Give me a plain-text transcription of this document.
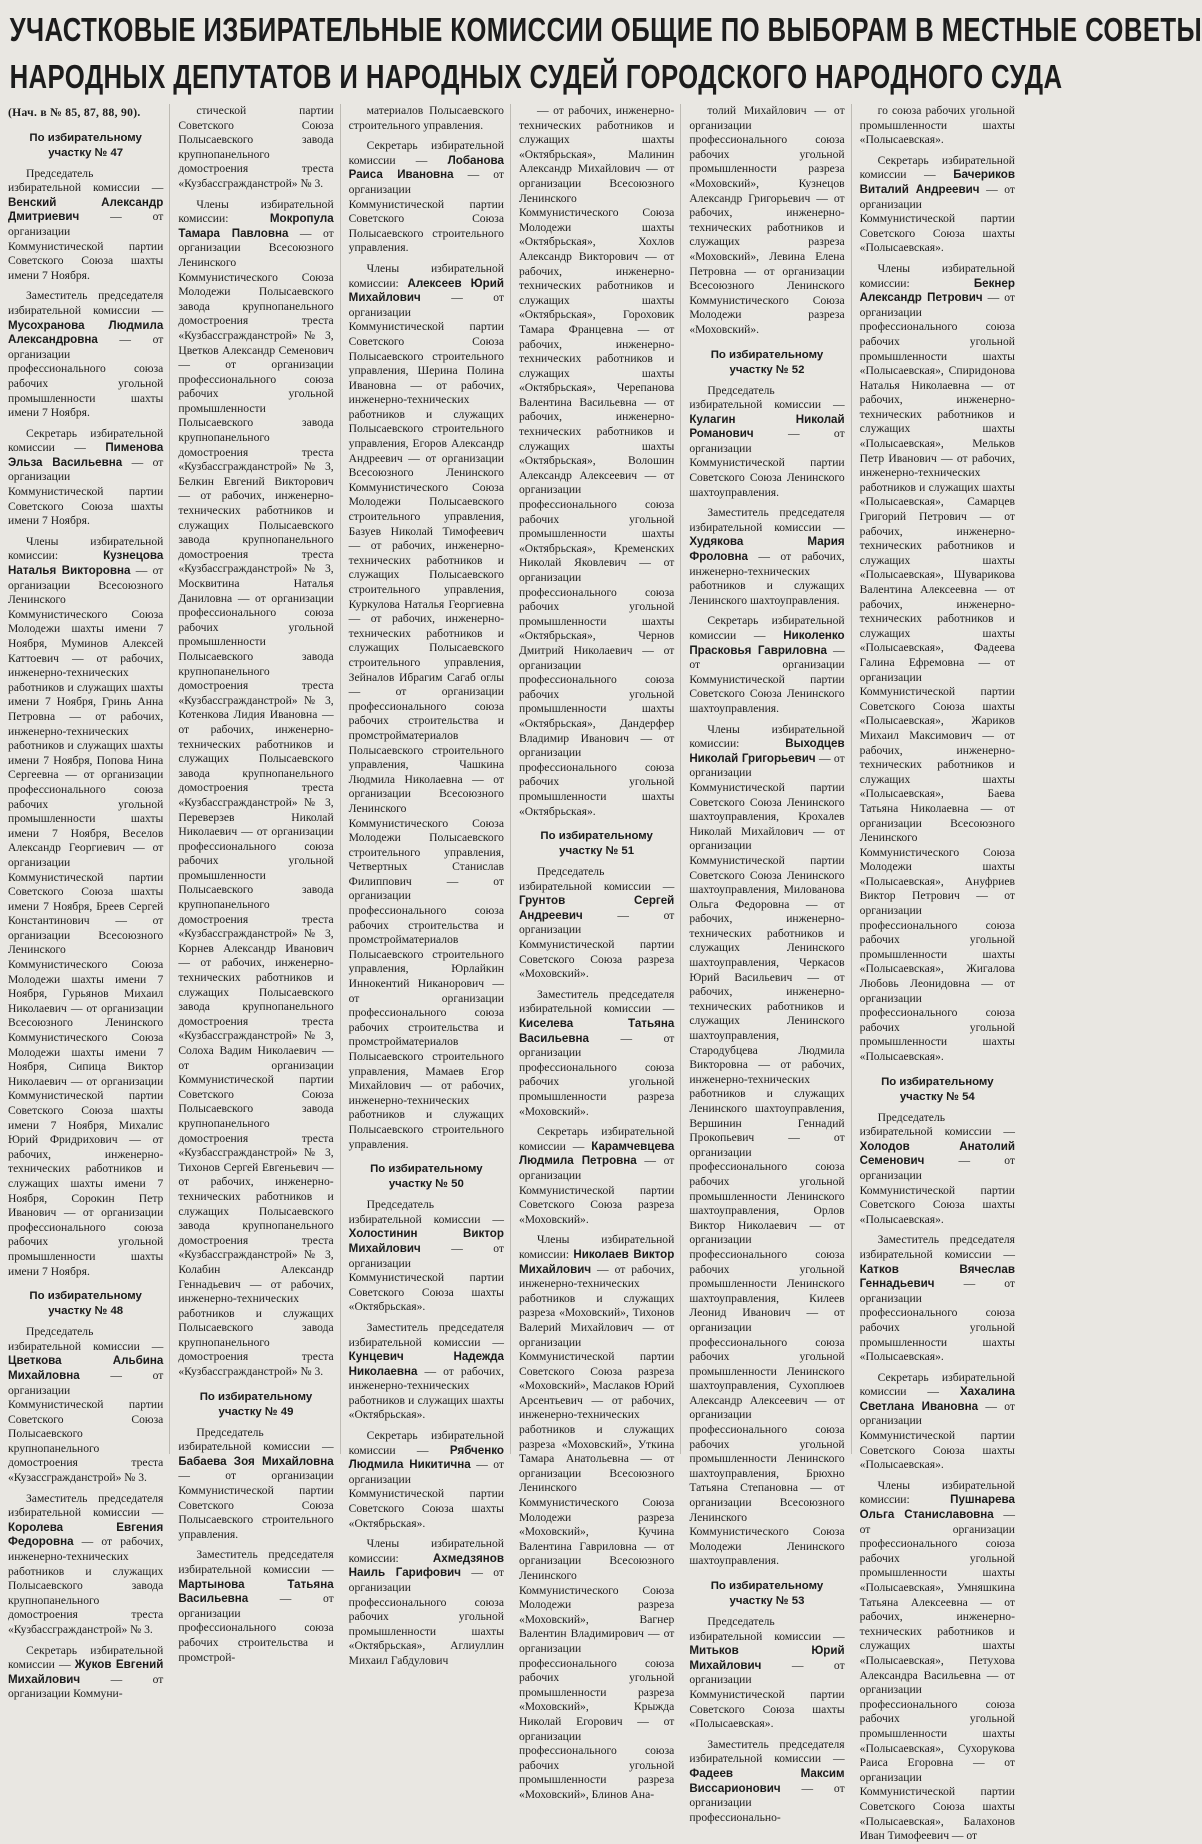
УЧАСТКОВЫЕ ИЗБИРАТЕЛЬНЫЕ КОМИССИИ ОБЩИЕ ПО ВЫБОРАМ В МЕСТНЫЕ СОВЕТЫ
НАРОДНЫХ ДЕПУТАТОВ И НАРОДНЫХ СУДЕЙ ГОРОДСКОГО НАРОДНОГО СУДА
(Нач. в № 85, 87, 88, 90).
По избирательному
участку № 47

Председатель избирательной комиссии — Венский Александр Дмитриевич	— от организации Коммунистической партии Советского Союза шахты имени 7 Ноября.

Заместитель председателя избирательной комиссии — Мусохранова Людмила Александровна — от организации профессионального союза рабочих угольной промышленности шахты имени 7 Ноября.

Секретарь избирательной комиссии — Пименова Эльза Васильевна — от организации Коммунистической партии Советского Союза шахты имени 7 Ноября.

Члены избирательной комиссии:	Кузнецова Наталья Викторовна — от организации Всесоюзного Ленинского Коммунистического Союза Молодежи шахты имени 7 Ноября, Муминов Алексей Каттоевич — от рабочих, инженерно-технических работников и служащих шахты имени 7 Ноября, Гринь Анна Петровна — от рабочих, инженерно-технических работников и служащих шахты имени 7 Ноября, Попова Нина Сергеевна — от организации профессионального союза рабочих угольной промышленности шахты имени 7 Ноября, Веселов Александр Георгиевич — от организации Коммунистической партии Советского Союза шахты имени 7 Ноября, Бреев Сергей Константинович — от организации Всесоюзного Ленинского Коммунистического Союза Молодежи шахты имени 7 Ноября, Гурьянов Михаил Николаевич — от организации Всесоюзного Ленинского Коммунистического Союза Молодежи шахты имени 7 Ноября, Сипица Виктор Николаевич — от организации Коммунистической партии Советского Союза шахты имени 7 Ноября, Михалис Юрий Фридрихович — от рабочих, инженерно-технических работников и служащих шахты имени 7 Ноября, Сорокин Петр Иванович — от организации профессионального союза рабочих угольной промышленности шахты имени 7 Ноября.

По избирательному
участку № 48

Председатель избирательной комиссии — Цветкова Альбина Михайловна	— от организации Коммунистической партии Советского Союза Полысаевского крупнопанельного домостроения треста «Кузассгражданстрой» № 3.

Заместитель председателя избирательной комиссии — Королева Евгения Федоровна — от рабочих, инженерно-технических работников и служащих Полысаевского завода крупнопанельного домостроения треста «Кузбассгражданстрой» № 3.

Секретарь избирательной комиссии — Жуков Евгений Михайлович	— от организации Коммуни-

стической партии Советского Союза Полысаевского завода крупнопанельного домостроения треста «Кузбассгражданстрой» № 3.

Члены избирательной комиссии:	Мокропула Тамара Павловна — от организации Всесоюзного Ленинского Коммунистического Союза Молодежи Полысаевского завода крупнопанельного домостроения треста «Кузбассгражданстрой» № 3, Цветков Александр Семенович — от организации профессионального союза рабочих угольной промышленности Полысаевского завода крупнопанельного домостроения треста «Кузбассгражданстрой» № 3, Белкин Евгений Викторович — от рабочих, инженерно-технических работников и служащих Полысаевского завода крупнопанельного домостроения треста «Кузбассгражданстрой» № 3, Москвитина Наталья Даниловна — от организации профессионального союза рабочих угольной промышленности Полысаевского завода крупнопанельного домостроения треста «Кузбассгражданстрой» № 3, Котенкова Лидия Ивановна — от рабочих, инженерно-технических работников и служащих Полысаевского завода крупнопанельного домостроения треста «Кузбассгражданстрой» № 3, Переверзев Николай Николаевич — от организации профессионального союза рабочих угольной промышленности Полысаевского завода крупнопанельного домостроения треста «Кузбассгражданстрой» № 3, Корнев Александр Иванович — от рабочих, инженерно-технических работников и служащих Полысаевского завода крупнопанельного домостроения треста «Кузбассгражданстрой» № 3, Солоха Вадим Николаевич — от организации Коммунистической партии Советского Союза Полысаевского завода крупнопанельного домостроения треста «Кузбассгражданстрой» № 3, Тихонов Сергей Евгеньевич — от рабочих, инженерно-технических работников и служащих Полысаевского завода крупнопанельного домостроения треста «Кузбассгражданстрой» № 3, Колабин Александр Геннадьевич — от рабочих, инженерно-технических работников и служащих Полысаевского завода крупнопанельного домостроения треста «Кузбассгражданстрой» № 3.

По избирательному
участку № 49

Председатель избирательной комиссии — Бабаева Зоя Михайловна — от организации Коммунистической партии Советского Союза Полысаевского строительного управления.

Заместитель председателя избирательной комиссии — Мартынова Татьяна Васильевна	— от организации профессионального союза рабочих строительства и промстрой-

материалов Полысаевского строительного управления.

Секретарь избирательной комиссии — Лобанова Раиса Ивановна — от организации Коммунистической партии Советского Союза Полысаевского строительного управления.

Члены избирательной комиссии: Алексеев Юрий Михайлович	— от организации Коммунистической партии Советского Союза Полысаевского строительного управления, Шерина Полина Ивановна — от рабочих, инженерно-технических работников и служащих Полысаевского строительного управления, Егоров Александр Андреевич — от организации Всесоюзного Ленинского Коммунистического Союза Молодежи Полысаевского строительного управления, Базуев Николай Тимофеевич — от рабочих, инженерно-технических работников и служащих Полысаевского строительного управления, Куркулова Наталья Георгиевна — от рабочих, инженерно-технических работников и служащих Полысаевского строительного управления, Зейналов Ибрагим Сагаб оглы — от организации профессионального союза рабочих строительства и промстройматериалов Полысаевского строительного управления, Чашкина Людмила Николаевна — от организации Всесоюзного Ленинского Коммунистического Союза Молодежи Полысаевского строительного управления, Четвертных Станислав Филиппович — от организации профессионального союза рабочих строительства и промстройматериалов Полысаевского строительного управления, Юрлайкин Иннокентий Никанорович — от организации профессионального союза рабочих строительства и промстройматериалов Полысаевского строительного управления, Мамаев Егор Михайлович — от рабочих, инженерно-технических работников и служащих Полысаевского строительного управления.

По избирательному
участку № 50

Председатель избирательной комиссии — Холостинин Виктор Михайлович	— от организации Коммунистической партии Советского Союза шахты «Октябрьская».

Заместитель председателя избирательной комиссии — Кунцевич Надежда Николаевна — от рабочих, инженерно-технических работников и служащих шахты «Октябрьская».

Секретарь избирательной комиссии — Рябченко Людмила Никитична — от организации Коммунистической партии Советского Союза шахты «Октябрьская».

Члены избирательной комиссии:	Ахмедзянов Наиль Гарифович — от организации профессионального союза рабочих угольной промышленности шахты «Октябрьская», Аглиуллин Михаил Габдулович

— от рабочих, инженерно-технических работников и служащих шахты «Октябрьская», Малинин Александр Михайлович — от организации Всесоюзного Ленинского Коммунистического Союза Молодежи шахты «Октябрьская», Хохлов Александр Викторович — от рабочих, инженерно-технических работников и служащих шахты «Октябрьская», Гороховик Тамара Францевна — от рабочих, инженерно-технических работников и служащих шахты «Октябрьская», Черепанова Валентина Васильевна — от рабочих, инженерно-технических работников и служащих шахты «Октябрьская», Волошин Александр Алексеевич — от организации профессионального союза рабочих угольной промышленности шахты «Октябрьская», Кременских Николай Яковлевич — от организации профессионального союза рабочих угольной промышленности шахты «Октябрьская», Чернов Дмитрий Николаевич — от организации профессионального союза рабочих угольной промышленности шахты «Октябрьская», Дандерфер Владимир Иванович — от организации профессионального союза рабочих угольной промышленности шахты «Октябрьская».

По избирательному
участку № 51

Председатель избирательной комиссии — Грунтов Сергей Андреевич	— от организации Коммунистической партии Советского Союза разреза «Моховский».

Заместитель председателя избирательной комиссии — Киселева Татьяна Васильевна	— от организации профессионального союза рабочих угольной промышленности разреза «Моховский».

Секретарь избирательной комиссии — Карамчевцева Людмила Петровна — от организации Коммунистической партии Советского Союза разреза «Моховский».

Члены избирательной комиссии: Николаев Виктор Михайлович — от рабочих, инженерно-технических работников и служащих разреза «Моховский», Тихонов Валерий Михайлович — от организации Коммунистической партии Советского Союза разреза «Моховский», Маслаков Юрий Арсентьевич — от рабочих, инженерно-технических работников и служащих разреза «Моховский», Уткина Тамара Анатольевна — от организации Всесоюзного Ленинского Коммунистического Союза Молодежи разреза «Моховский», Кучина Валентина Гавриловна — от организации Всесоюзного Ленинского Коммунистического Союза Молодежи разреза «Моховский», Вагнер Валентин Владимирович — от организации профессионального союза рабочих угольной промышленности разреза «Моховский», Крыжда Николай Егорович — от организации профессионального союза рабочих угольной промышленности разреза «Моховский», Блинов Ана-

толий Михайлович — от организации профессионального союза рабочих угольной промышленности разреза «Моховский», Кузнецов Александр Григорьевич — от рабочих, инженерно-технических работников и служащих разреза «Моховский», Левина Елена Петровна — от организации Всесоюзного Ленинского Коммунистического Союза Молодежи разреза «Моховский».

По избирательному
участку № 52

Председатель избирательной комиссии — Кулагин Николай Романович	— от организации Коммунистической партии Советского Союза Ленинского шахтоуправления.

Заместитель председателя избирательной комиссии — Худякова Мария Фроловна — от рабочих, инженерно-технических работников и служащих Ленинского шахтоуправления.

Секретарь избирательной комиссии — Николенко Прасковья Гавриловна — от организации Коммунистической партии Советского Союза Ленинского шахтоуправления.

Члены избирательной комиссии:	Выходцев Николай Григорьевич — от организации Коммунистической партии Советского Союза Ленинского шахтоуправления, Крохалев Николай Михайлович — от организации Коммунистической партии Советского Союза Ленинского шахтоуправления, Милованова Ольга Федоровна — от рабочих, инженерно-технических работников и служащих Ленинского шахтоуправления, Черкасов Юрий Васильевич — от рабочих, инженерно-технических работников и служащих Ленинского шахтоуправления, Стародубцева Людмила Викторовна — от рабочих, инженерно-технических работников и служащих Ленинского шахтоуправления, Вершинин Геннадий Прокопьевич — от организации профессионального союза рабочих угольной промышленности Ленинского шахтоуправления, Орлов Виктор Николаевич — от организации профессионального союза рабочих угольной промышленности Ленинского шахтоуправления, Килеев Леонид Иванович — от организации профессионального союза рабочих угольной промышленности Ленинского шахтоуправления, Сухоплюев Александр Алексеевич — от организации профессионального союза рабочих угольной промышленности Ленинского шахтоуправления, Брюхно Татьяна Степановна — от организации Всесоюзного Ленинского Коммунистического Союза Молодежи Ленинского шахтоуправления.

По избирательному
участку № 53

Председатель избирательной комиссии — Митьков Юрий Михайлович	— от организации Коммунистической партии Советского Союза шахты «Полысаевская».

Заместитель председателя избирательной комиссии — Фадеев Максим Виссарионович — от организации профессионально-

го союза рабочих угольной промышленности шахты «Полысаевская».

Секретарь избирательной комиссии — Бачериков Виталий Андреевич — от организации Коммунистической партии Советского Союза шахты «Полысаевская».

Члены избирательной комиссии:	Бекнер Александр Петрович — от организации профессионального союза рабочих угольной промышленности шахты «Полысаевская», Спиридонова Наталья Николаевна — от рабочих, инженерно-технических работников и служащих шахты «Полысаевская», Мельков Петр Иванович — от рабочих, инженерно-технических работников и служащих шахты «Полысаевская», Самарцев Григорий Петрович — от рабочих, инженерно-технических работников и служащих шахты «Полысаевская», Шуварикова Валентина Алексеевна — от рабочих, инженерно-технических работников и служащих шахты «Полысаевская», Фадеева Галина Ефремовна — от организации Коммунистической партии Советского Союза шахты «Полысаевская», Жариков Михаил Максимович — от рабочих, инженерно-технических работников и служащих шахты «Полысаевская», Баева Татьяна Николаевна — от организации Всесоюзного Ленинского Коммунистического Союза Молодежи шахты «Полысаевская», Ануфриев Виктор Петрович — от организации профессионального союза рабочих угольной промышленности шахты «Полысаевская», Жигалова Любовь Леонидовна — от организации профессионального союза рабочих угольной промышленности шахты «Полысаевская».

По избирательному
участку № 54

Председатель избирательной комиссии — Холодов Анатолий Семенович	— от организации Коммунистической партии Советского Союза шахты «Полысаевская».

Заместитель председателя избирательной комиссии — Катков Вячеслав Геннадьевич	— от организации профессионального союза рабочих угольной промышленности шахты «Полысаевская».

Секретарь избирательной комиссии — Хахалина Светлана Ивановна — от организации Коммунистической партии Советского Союза шахты «Полысаевская».

Члены избирательной комиссии:	Пушнарева Ольга Станиславовна — от организации профессионального союза рабочих угольной промышленности шахты «Полысаевская», Умняшкина Татьяна Алексеевна — от рабочих, инженерно-технических работников и служащих шахты «Полысаевская», Петухова Александра Васильевна — от организации профессионального союза рабочих угольной промышленности шахты «Полысаевская», Сухорукова Раиса Егоровна — от организации Коммунистической партии Советского Союза шахты «Полысаевская», Балахонов Иван Тимофеевич — от
